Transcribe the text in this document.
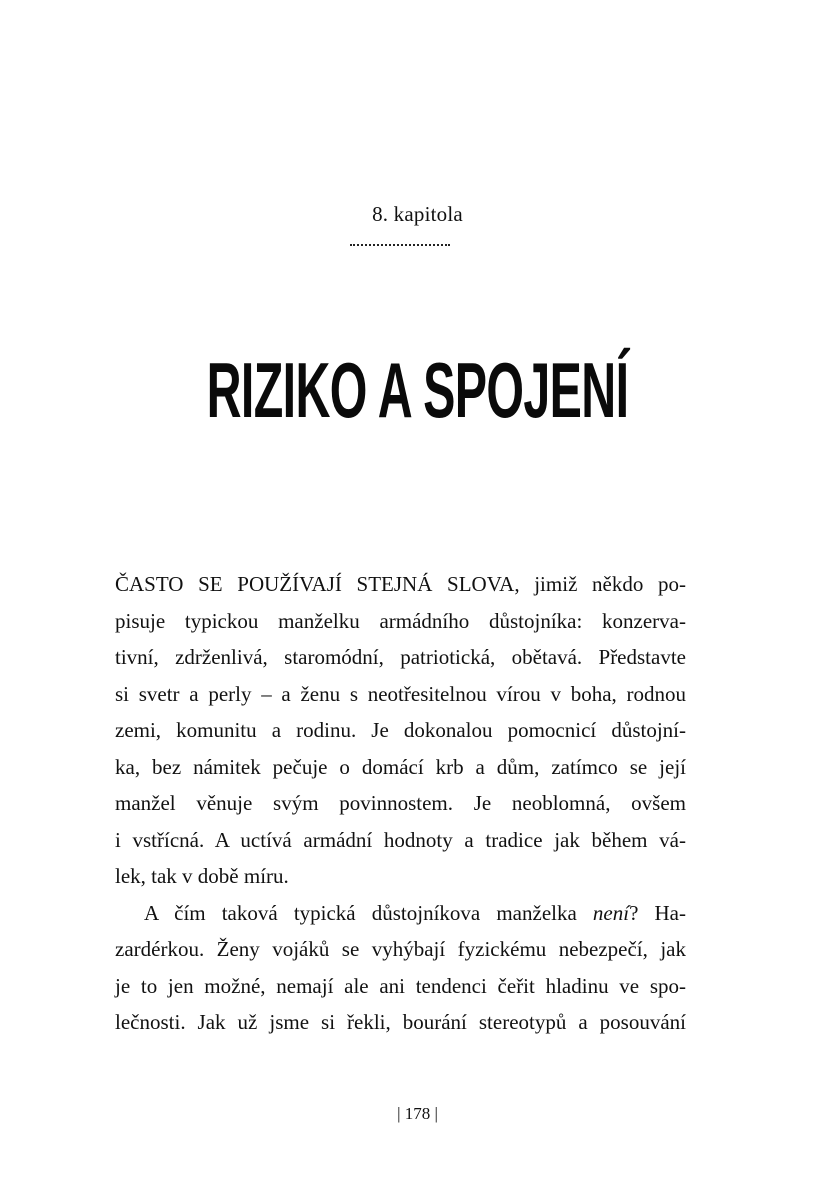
8. kapitola
RIZIKO A SPOJENÍ
ČASTO SE POUŽÍVAJÍ STEJNÁ SLOVA, jimiž někdo po-
pisuje typickou manželku armádního důstojníka: konzerva-
tivní, zdrženlivá, staromódní, patriotická, obětavá. Představte
si svetr a perly – a ženu s neotřesitelnou vírou v boha, rodnou
zemi, komunitu a rodinu. Je dokonalou pomocnicí důstojní-
ka, bez námitek pečuje o domácí krb a dům, zatímco se její
manžel věnuje svým povinnostem. Je neoblomná, ovšem
i vstřícná. A uctívá armádní hodnoty a tradice jak během vá-
lek, tak v době míru.
A čím taková typická důstojníkova manželka není? Ha-
zardérkou. Ženy vojáků se vyhýbají fyzickému nebezpečí, jak
je to jen možné, nemají ale ani tendenci čeřit hladinu ve spo-
lečnosti. Jak už jsme si řekli, bourání stereotypů a posouvání
| 178 |
